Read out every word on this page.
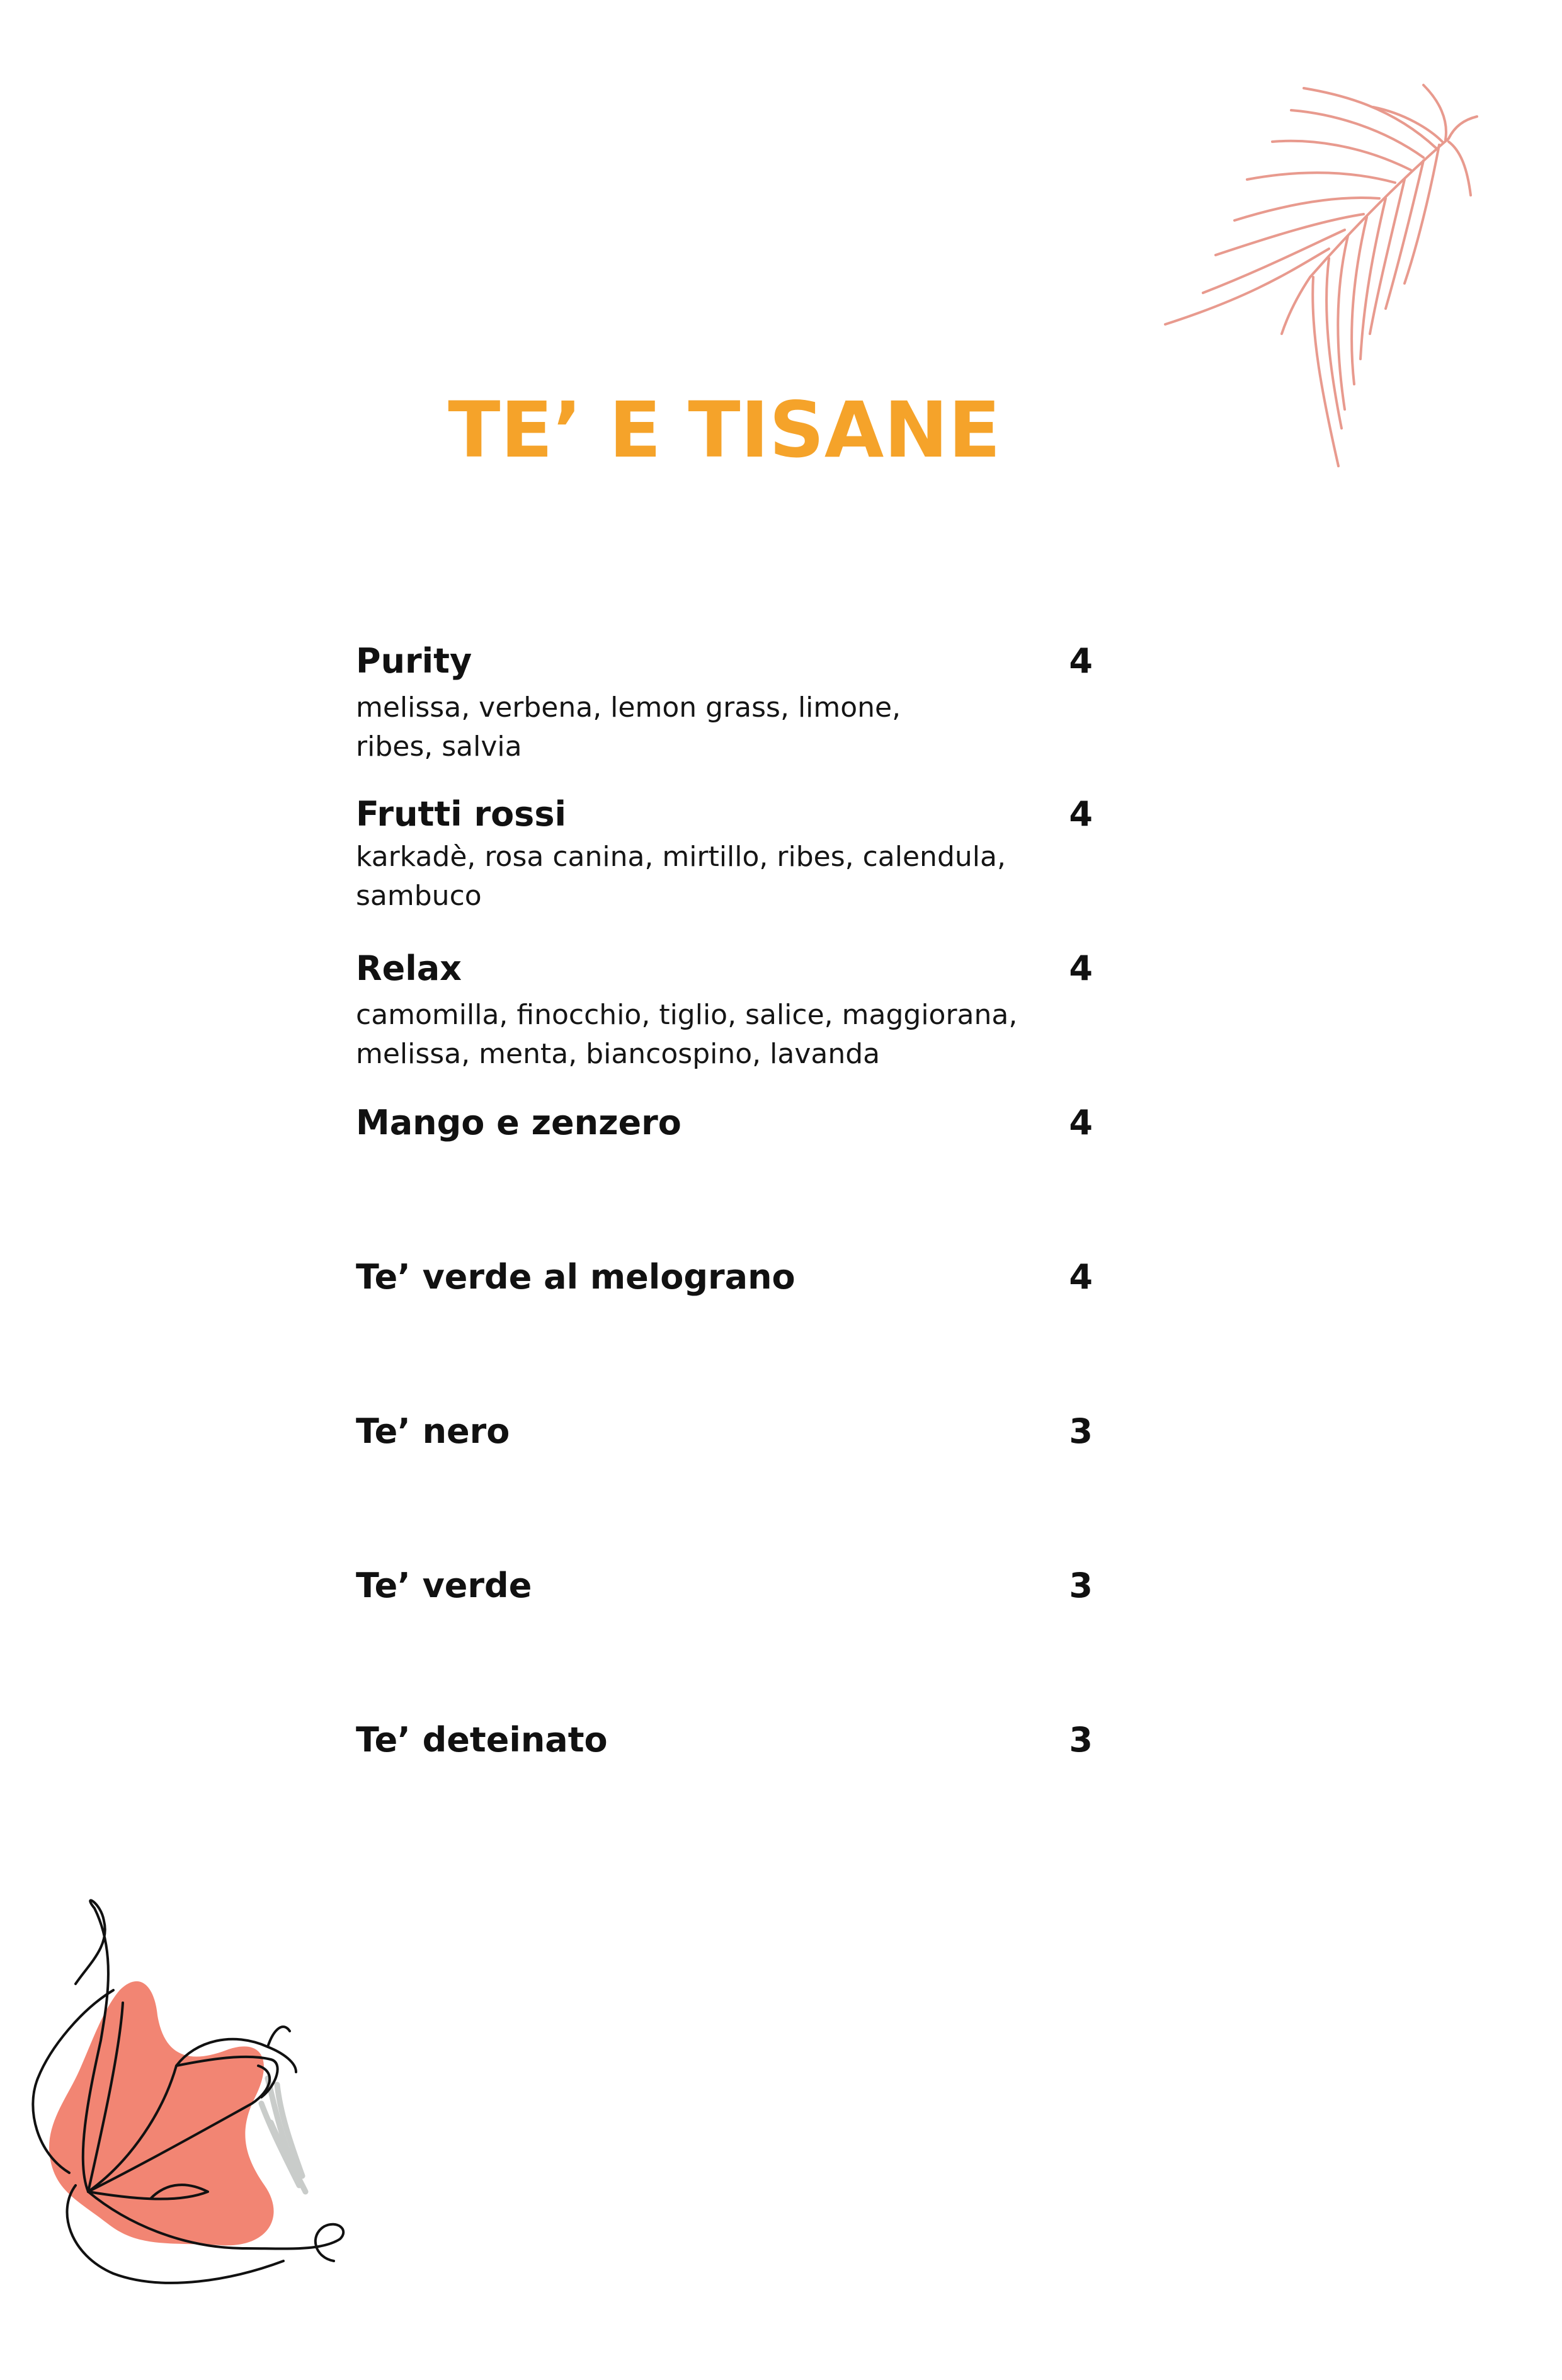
TE’ E TISANE
Purity	4
melissa, verbena, lemon grass, limone,
ribes, salvia
Frutti rossi	4
karkadè, rosa canina, mirtillo, ribes, calendula,
sambuco
Relax	4
camomilla, finocchio, tiglio, salice, maggiorana,
melissa, menta, biancospino, lavanda
Mango e zenzero	4
Te’ verde al melograno	4
Te’ nero	3
Te’ verde	3
Te’ deteinato	3
